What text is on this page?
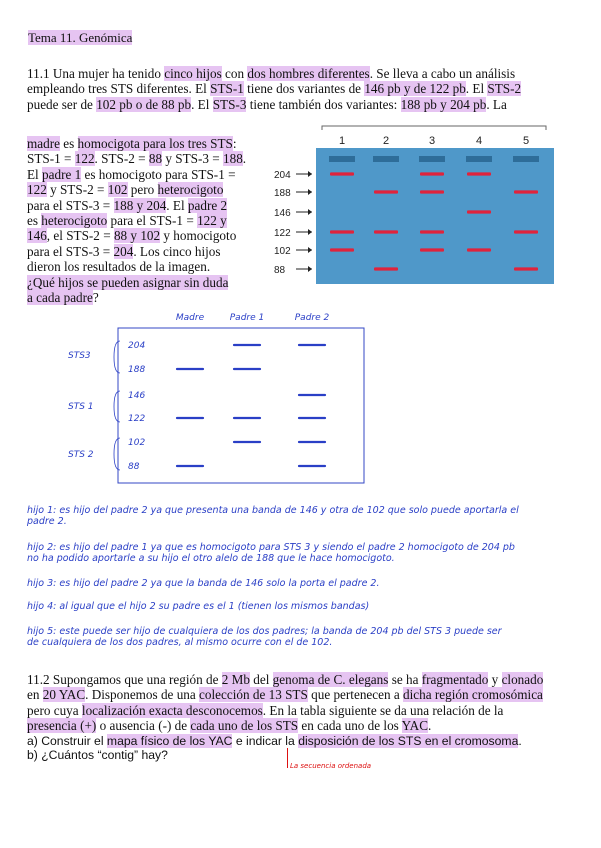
Tema 11. Genómica

11.1 Una mujer ha tenido cinco hijos con dos hombres diferentes. Se lleva a cabo un análisis

empleando tres STS diferentes. El STS-1 tiene dos variantes de 146 pb y de 122 pb. El STS-2

puede ser de 102 pb o de 88 pb. El STS-3 tiene también dos variantes: 188 pb y 204 pb. La

madre es homocigota para los tres STS:

STS-1 = 122. STS-2 = 88 y STS-3 = 188.

El padre 1 es homocigoto para STS-1 =

122 y STS-2 = 102 pero heterocigoto

para el STS-3 = 188 y 204. El padre 2

es heterocigoto para el STS-1 = 122 y

146, el STS-2 = 88 y 102 y homocigoto

para el STS-3 = 204. Los cinco hijos

dieron los resultados de la imagen.

¿Qué hijos se pueden asignar sin duda

a cada padre?

1	2	3	4	5
204
188
146
122
102
88
Madre	Padre 1	Padre 2
STS3
204
188
STS 1
146
122
STS 2
102
88
hijo 1: es hijo del padre 2 ya que presenta una banda de 146 y otra de 102 que solo puede aportarla el
padre 2.
hijo 2: es hijo del padre 1 ya que es homocigoto para STS 3 y siendo el padre 2 homocigoto de 204 pb
no ha podido aportarle a su hijo el otro alelo de 188 que le hace homocigoto.
hijo 3: es hijo del padre 2 ya que la banda de 146 solo la porta el padre 2.
hijo 4: al igual que el hijo 2 su padre es el 1 (tienen los mismos bandas)
hijo 5: este puede ser hijo de cualquiera de los dos padres; la banda de 204 pb del STS 3 puede ser
de cualquiera de los dos padres, al mismo ocurre con el de 102.

11.2 Supongamos que una región de 2 Mb del genoma de C. elegans se ha fragmentado y clonado

en 20 YAC. Disponemos de una colección de 13 STS que pertenecen a dicha región cromosómica

pero cuya localización exacta desconocemos. En la tabla siguiente se da una relación de la

presencia (+) o ausencia (-) de cada uno de los STS en cada uno de los YAC.

a) Construir el mapa físico de los YAC e indicar la disposición de los STS en el cromosoma.

b) ¿Cuántos “contig” hay?

La secuencia ordenada
